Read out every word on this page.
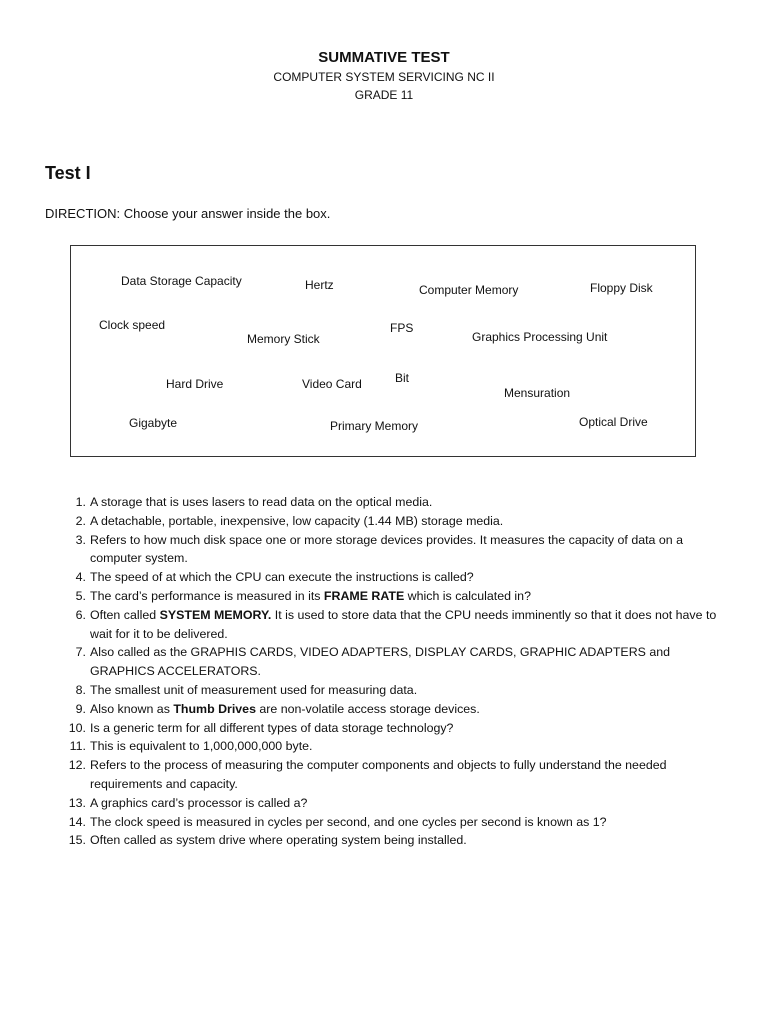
SUMMATIVE TEST
COMPUTER SYSTEM SERVICING NC II
GRADE 11
Test I
DIRECTION: Choose your answer inside the box.
Data Storage Capacity	Hertz	Computer Memory	Floppy Disk
Clock speed
Memory Stick
FPS
Graphics Processing Unit
Hard Drive	Video Card	Bit
Mensuration
Gigabyte	Primary Memory	Optical Drive
1 . A storage that is uses lasers to read data on the optical media.
2 . A detachable, portable, inexpensive, low capacity (1.44 MB) storage media.
3 . Refers to how much disk space one or more storage devices provides. It measures the capacity of data on a computer system.
4 . The speed of at which the CPU can execute the instructions is called?
5 . The card’s performance is measured in its FRAME RATE which is calculated in?
6 . Often called SYSTEM MEMORY. It is used to store data that the CPU needs imminently so that it does not have to wait for it to be delivered.
7 . Also called as the GRAPHIS CARDS, VIDEO ADAPTERS, DISPLAY CARDS, GRAPHIC ADAPTERS and GRAPHICS ACCELERATORS.
8 . The smallest unit of measurement used for measuring data.
9 . Also known as Thumb Drives are non-volatile access storage devices.
10 . Is a generic term for all different types of data storage technology?
11 . This is equivalent to 1,000,000,000 byte.
12 . Refers to the process of measuring the computer components and objects to fully understand the needed requirements and capacity.
13 . A graphics card’s processor is called a?
14 . The clock speed is measured in cycles per second, and one cycles per second is known as 1?
15 . Often called as system drive where operating system being installed.
